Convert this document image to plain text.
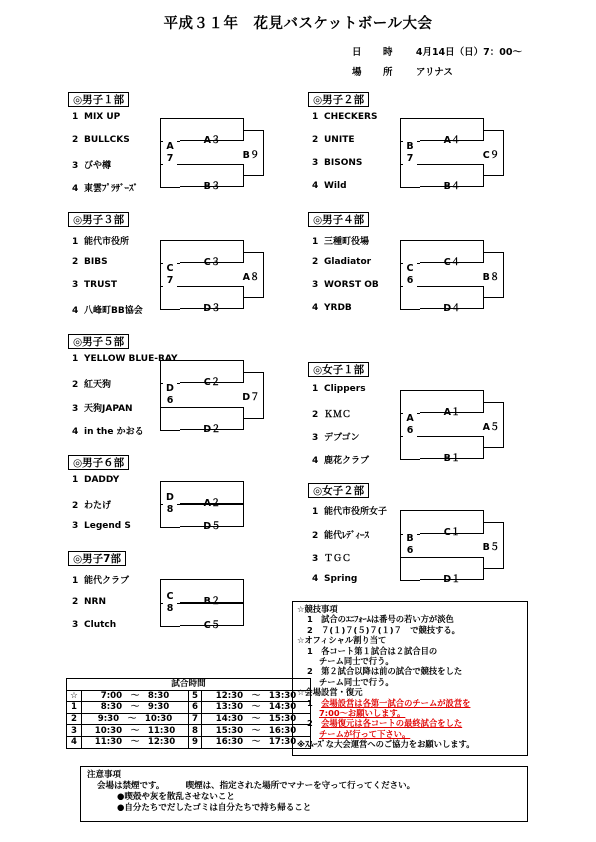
平成３１年　花見バスケットボール大会
日　時 4月14日（日）7：00～
場　所 アリナス
◎男子１部
1 MIX UP
2 BULLCKS
3 びや樽
4 東雲ﾌﾟﾗｻﾞｰｽﾞ
A３
B３
A
7	B９
◎男子２部
1 CHECKERS
2 UNITE
3 BISONS
4 Wild
A４
B４
B
7	C９
◎男子３部
1 能代市役所
2 BIBS
3 TRUST
4 八峰町BB協会
C３
D３
C
7	A８
◎男子４部
1 三種町役場
2 Gladiator
3 WORST OB
4 YRDB
C４
D４
C
6	B８
◎男子５部
1 YELLOW BLUE-RAY
2 紅天狗
3 天狗JAPAN
4 in the かおる
C２
D２
D
6	D７
◎男子６部
1 DADDY
2 わたげ
3 Legend S
A２
D５
D
8
◎男子7部
1 能代クラブ
2 NRN
3 Clutch
B２
C５
C
8
◎女子１部
1 Clippers
2 ＫＭＣ
3 デブゴン
4 鹿花クラブ
A１
B１
A
6	A５
◎女子２部
1 能代市役所女子
2 能代ﾚﾃﾞｨｰｽ
3 ＴＧＣ
4 Spring
C１
D１
B
6	B５
☆競技事項
1　試合のﾕﾆﾌｫｰﾑは番号の若い方が淡色
2　７(１)７(５)７(１)７　で競技する。
☆オフィシャル割り当て
1　各コート第１試合は２試合目の
チーム同士で行う。
2　第２試合以降は前の試合で競技をした
チーム同士で行う。
☆会場設営・復元
1　 会場設営は各第一試合のチームが設営を
7:00～お願いします。
2　 会場復元は各コートの最終試合をした
チームが行って下さい。
※ｽﾑｰｽﾞな大会運営へのご協力をお願いします。
試合時間			
☆	7:00　～　8:30	5	12:30　～　13:30
1	8:30　～　9:30	6	13:30　～　14:30
2	9:30　～　10:30	7	14:30　～　15:30
3	10:30　～　11:30	8	15:30　～　16:30
4	11:30　～　12:30	9	16:30　～　17:30
注意事項
会場は禁煙です。　　　喫煙は、指定された場所でマナーを守って行ってください。
●喫殻や灰を散乱させないこと
●自分たちでだしたゴミは自分たちで持ち帰ること
